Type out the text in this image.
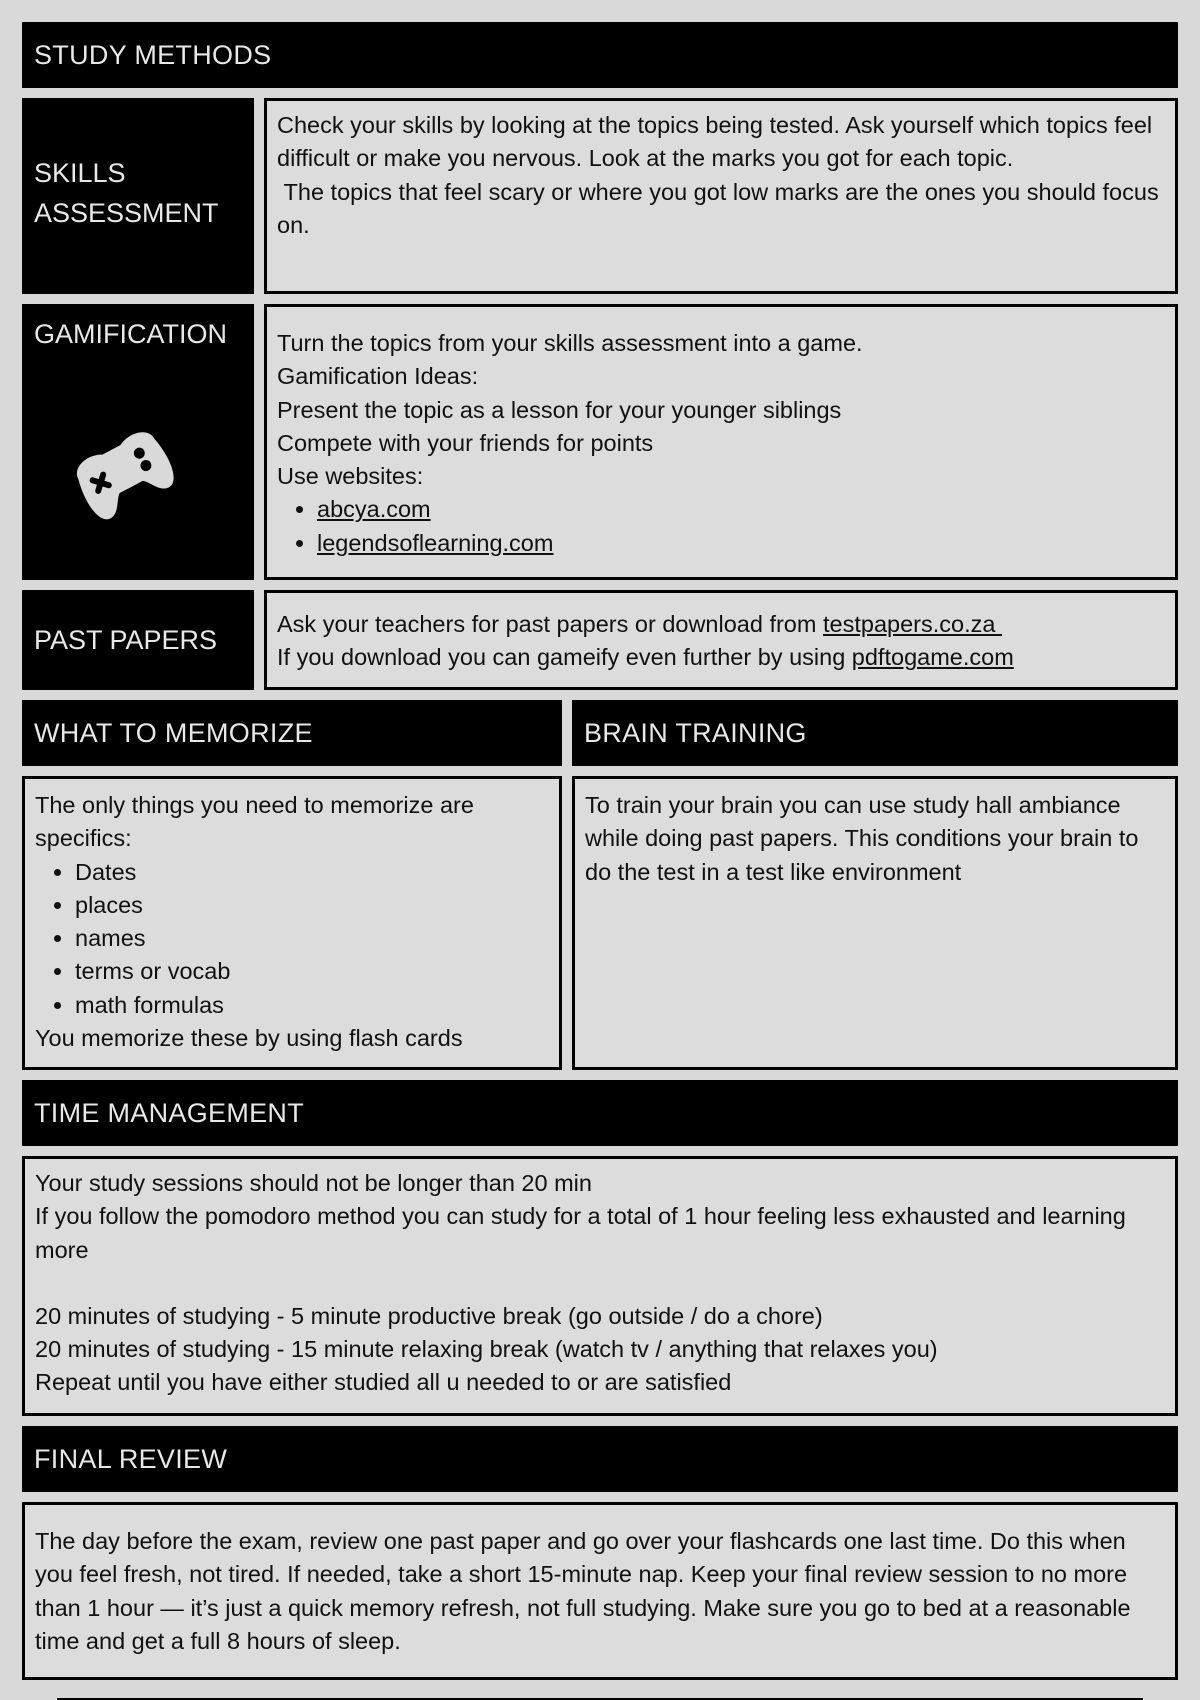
STUDY METHODS
SKILLS
ASSESSMENT
Check your skills by looking at the topics being tested. Ask yourself which topics feel difficult or make you nervous. Look at the marks you got for each topic.
The topics that feel scary or where you got low marks are the ones you should focus on.
GAMIFICATION	Turn the topics from your skills assessment into a game.
Gamification Ideas:
Present the topic as a lesson for your younger siblings
Compete with your friends for points
Use websites:
• abcya.com
• legendsoflearning.com
PAST PAPERS
Ask your teachers for past papers or download from testpapers.co.za
If you download you can gameify even further by using pdftogame.com
WHAT TO MEMORIZE
The only things you need to memorize are specifics:
• Dates
• places
• names
• terms or vocab
• math formulas
You memorize these by using flash cards
BRAIN TRAINING
To train your brain you can use study hall ambiance while doing past papers. This conditions your brain to do the test in a test like environment
TIME MANAGEMENT
Your study sessions should not be longer than 20 min
If you follow the pomodoro method you can study for a total of 1 hour feeling less exhausted and learning more
20 minutes of studying - 5 minute productive break (go outside / do a chore)
20 minutes of studying - 15 minute relaxing break (watch tv / anything that relaxes you)
Repeat until you have either studied all u needed to or are satisfied
FINAL REVIEW
The day before the exam, review one past paper and go over your flashcards one last time. Do this when you feel fresh, not tired. If needed, take a short 15-minute nap. Keep your final review session to no more than 1 hour — it’s just a quick memory refresh, not full studying. Make sure you go to bed at a reasonable time and get a full 8 hours of sleep.
